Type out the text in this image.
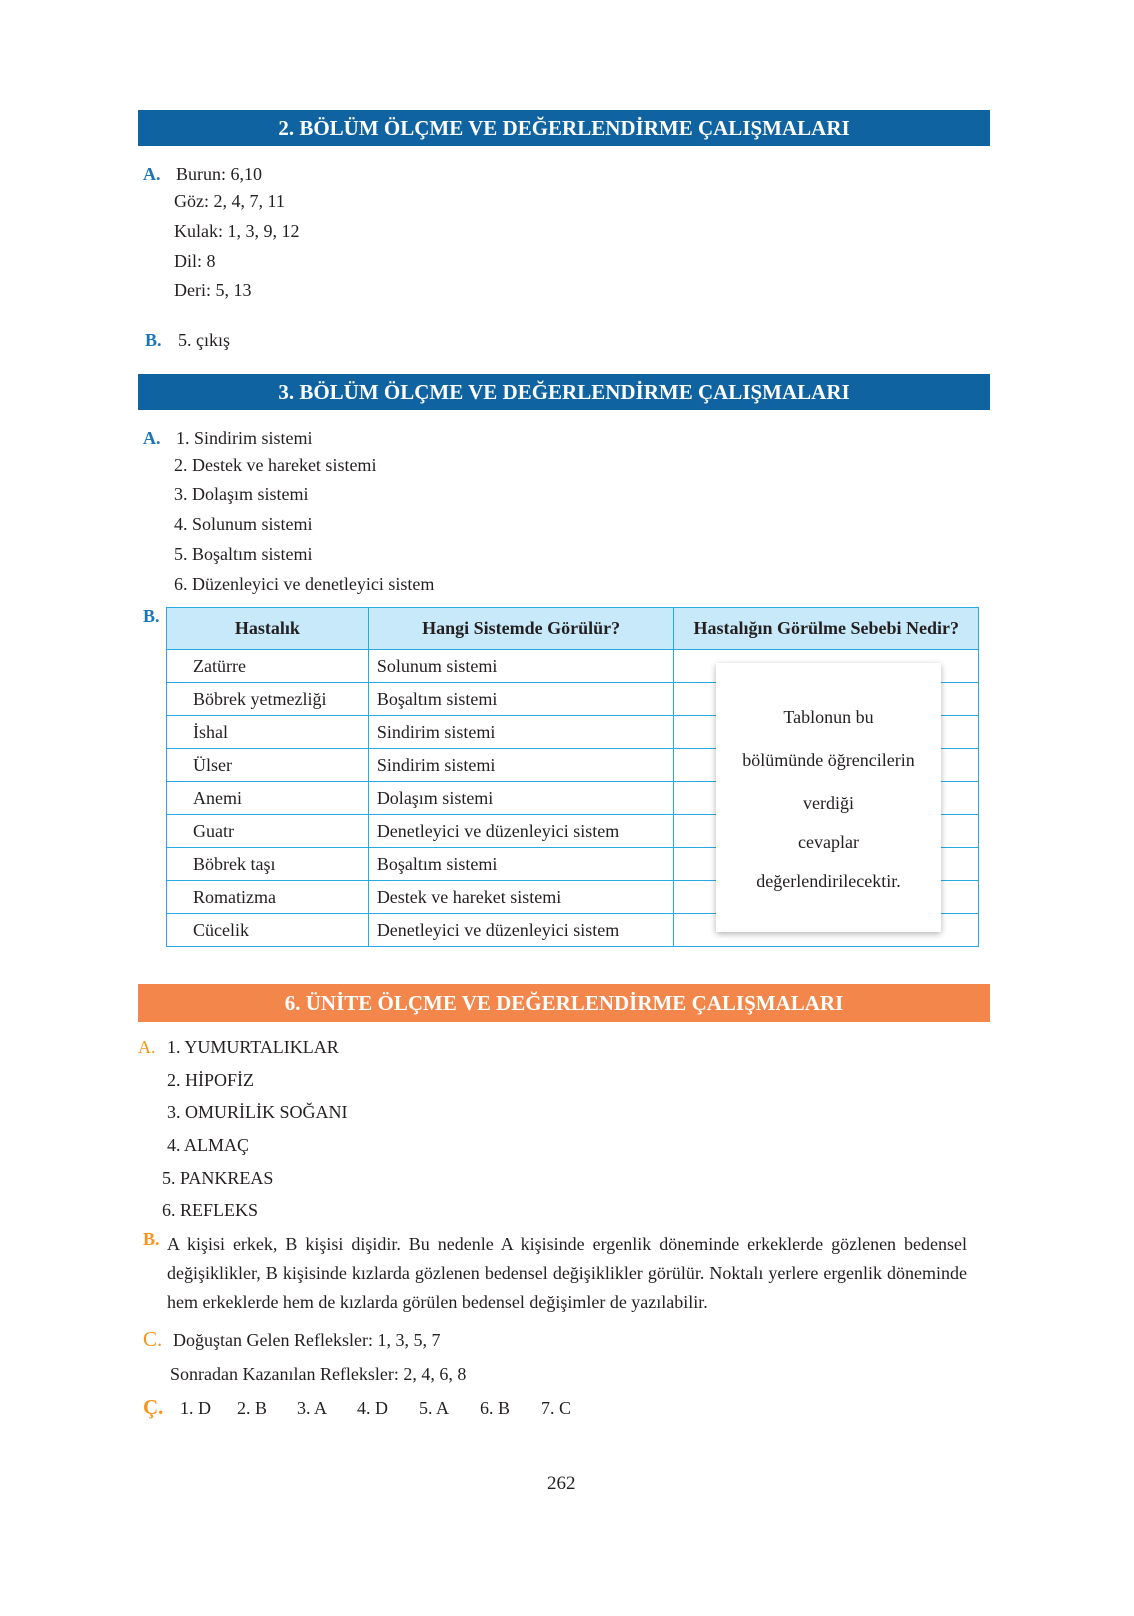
2. BÖLÜM ÖLÇME VE DEĞERLENDİRME ÇALIŞMALARI
A. Burun: 6,10
Göz: 2, 4, 7, 11
Kulak: 1, 3, 9, 12
Dil: 8
Deri: 5, 13
B. 5. çıkış
3. BÖLÜM ÖLÇME VE DEĞERLENDİRME ÇALIŞMALARI
A. 1. Sindirim sistemi
2. Destek ve hareket sistemi
3. Dolaşım sistemi
4. Solunum sistemi
5. Boşaltım sistemi
6. Düzenleyici ve denetleyici sistem
B.
Hastalık	Hangi Sistemde Görülür?	Hastalığın Görülme Sebebi Nedir?
Zatürre	Solunum sistemi	
Böbrek yetmezliği	Boşaltım sistemi	
İshal	Sindirim sistemi	
Ülser	Sindirim sistemi	
Anemi	Dolaşım sistemi	
Guatr	Denetleyici ve düzenleyici sistem	
Böbrek taşı	Boşaltım sistemi	
Romatizma	Destek ve hareket sistemi	
Cücelik	Denetleyici ve düzenleyici sistem	
Tablonun bu
bölümünde öğrencilerin
verdiği
cevaplar
değerlendirilecektir.
6. ÜNİTE ÖLÇME VE DEĞERLENDİRME ÇALIŞMALARI
A. 1. YUMURTALIKLAR
2. HİPOFİZ
3. OMURİLİK SOĞANI
4. ALMAÇ
5. PANKREAS
6. REFLEKS
B. A kişisi erkek, B kişisi dişidir. Bu nedenle A kişisinde ergenlik döneminde erkeklerde gözlenen bedensel değişiklikler, B kişisinde kızlarda gözlenen bedensel değişiklikler görülür. Noktalı yerlere ergenlik döneminde hem erkeklerde hem de kızlarda görülen bedensel değişimler de yazılabilir.
C. Doğuştan Gelen Refleksler: 1, 3, 5, 7
Sonradan Kazanılan Refleksler: 2, 4, 6, 8
Ç. 1. D 2. B 3. A 4. D 5. A 6. B 7. C
262
